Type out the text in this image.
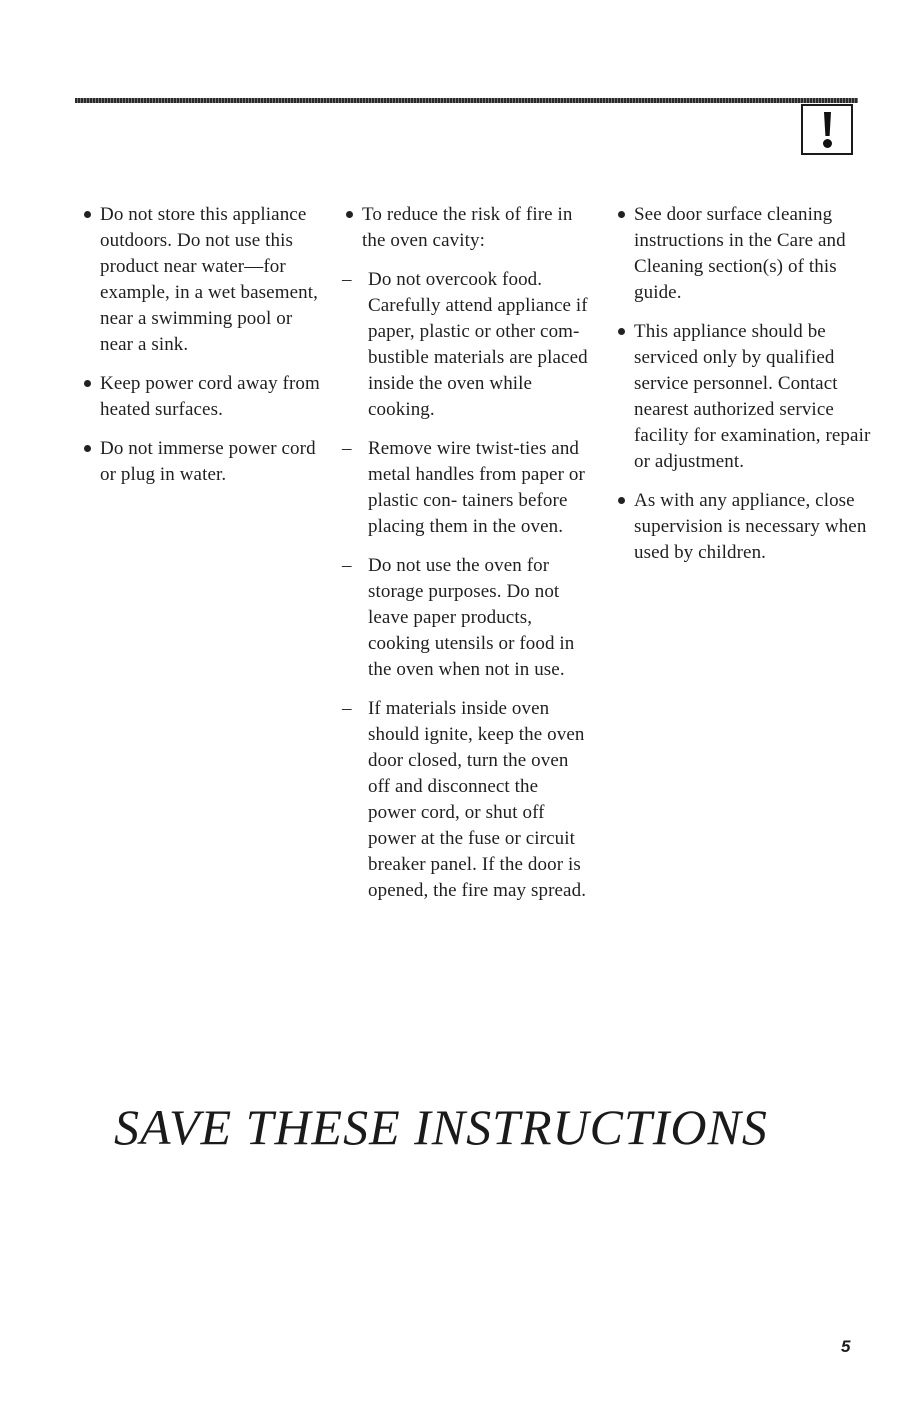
Do not store this appliance outdoors. Do not use this product near water—for example, in a wet basement, near a swimming pool or near a sink.
Keep power cord away from heated surfaces.
Do not immerse power cord or plug in water.
To reduce the risk of fire in the oven cavity:
– Do not overcook food. Carefully attend appliance if paper, plastic or other com- bustible materials are placed inside the oven while cooking.
– Remove wire twist-ties and metal handles from paper or plastic con- tainers before placing them in the oven.
– Do not use the oven for storage purposes. Do not leave paper products, cooking utensils or food in the oven when not in use.
– If materials inside oven should ignite, keep the oven door closed, turn the oven off and disconnect the power cord, or shut off power at the fuse or circuit breaker panel. If the door is opened, the fire may spread.
See door surface cleaning instructions in the Care and Cleaning section(s) of this guide.
This appliance should be serviced only by qualified service personnel. Contact nearest authorized service facility for examination, repair or adjustment.
As with any appliance, close supervision is necessary when used by children.
SAVE THESE INSTRUCTIONS
5
